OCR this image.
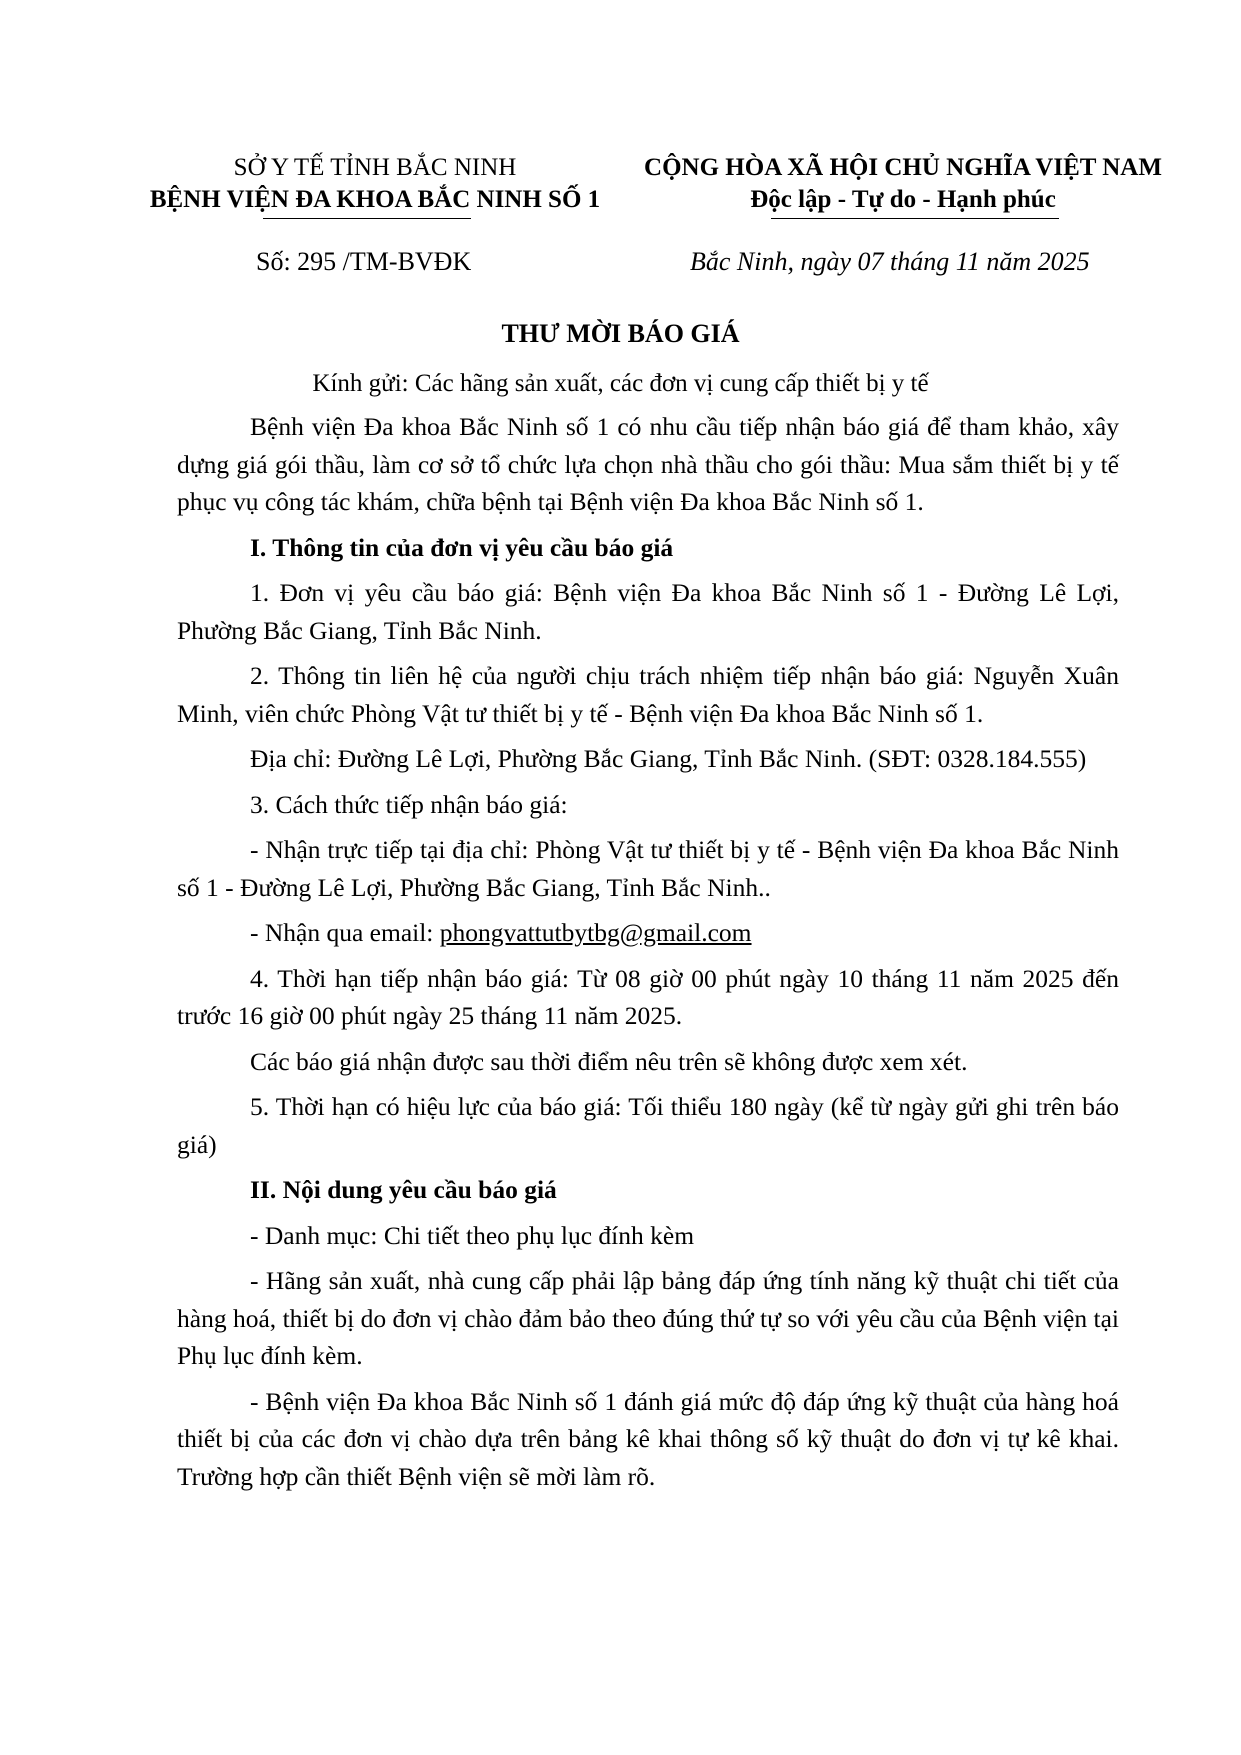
SỞ Y TẾ TỈNH BẮC NINH
BỆNH VIỆN ĐA KHOA BẮC NINH SỐ 1
CỘNG HÒA XÃ HỘI CHỦ NGHĨA VIỆT NAM
Độc lập - Tự do - Hạnh phúc
Số: 295 /TM-BVĐK	Bắc Ninh, ngày 07 tháng 11 năm 2025
THƯ MỜI BÁO GIÁ
Kính gửi: Các hãng sản xuất, các đơn vị cung cấp thiết bị y tế

Bệnh viện Đa khoa Bắc Ninh số 1 có nhu cầu tiếp nhận báo giá để tham khảo, xây dựng giá gói thầu, làm cơ sở tổ chức lựa chọn nhà thầu cho gói thầu: Mua sắm thiết bị y tế phục vụ công tác khám, chữa bệnh tại Bệnh viện Đa khoa Bắc Ninh số 1.

I. Thông tin của đơn vị yêu cầu báo giá

1. Đơn vị yêu cầu báo giá: Bệnh viện Đa khoa Bắc Ninh số 1 - Đường Lê Lợi, Phường Bắc Giang, Tỉnh Bắc Ninh.

2. Thông tin liên hệ của người chịu trách nhiệm tiếp nhận báo giá: Nguyễn Xuân Minh, viên chức Phòng Vật tư thiết bị y tế - Bệnh viện Đa khoa Bắc Ninh số 1.

Địa chỉ: Đường Lê Lợi, Phường Bắc Giang, Tỉnh Bắc Ninh. (SĐT: 0328.184.555)

3. Cách thức tiếp nhận báo giá:

- Nhận trực tiếp tại địa chỉ: Phòng Vật tư thiết bị y tế - Bệnh viện Đa khoa Bắc Ninh số 1 - Đường Lê Lợi, Phường Bắc Giang, Tỉnh Bắc Ninh..

- Nhận qua email: phongvattutbytbg@gmail.com

4. Thời hạn tiếp nhận báo giá: Từ 08 giờ 00 phút ngày 10 tháng 11 năm 2025 đến trước 16 giờ 00 phút ngày 25 tháng 11 năm 2025.

Các báo giá nhận được sau thời điểm nêu trên sẽ không được xem xét.

5. Thời hạn có hiệu lực của báo giá: Tối thiểu 180 ngày (kể từ ngày gửi ghi trên báo giá)

II. Nội dung yêu cầu báo giá

- Danh mục: Chi tiết theo phụ lục đính kèm

- Hãng sản xuất, nhà cung cấp phải lập bảng đáp ứng tính năng kỹ thuật chi tiết của hàng hoá, thiết bị do đơn vị chào đảm bảo theo đúng thứ tự so với yêu cầu của Bệnh viện tại Phụ lục đính kèm.

- Bệnh viện Đa khoa Bắc Ninh số 1 đánh giá mức độ đáp ứng kỹ thuật của hàng hoá thiết bị của các đơn vị chào dựa trên bảng kê khai thông số kỹ thuật do đơn vị tự kê khai. Trường hợp cần thiết Bệnh viện sẽ mời làm rõ.
